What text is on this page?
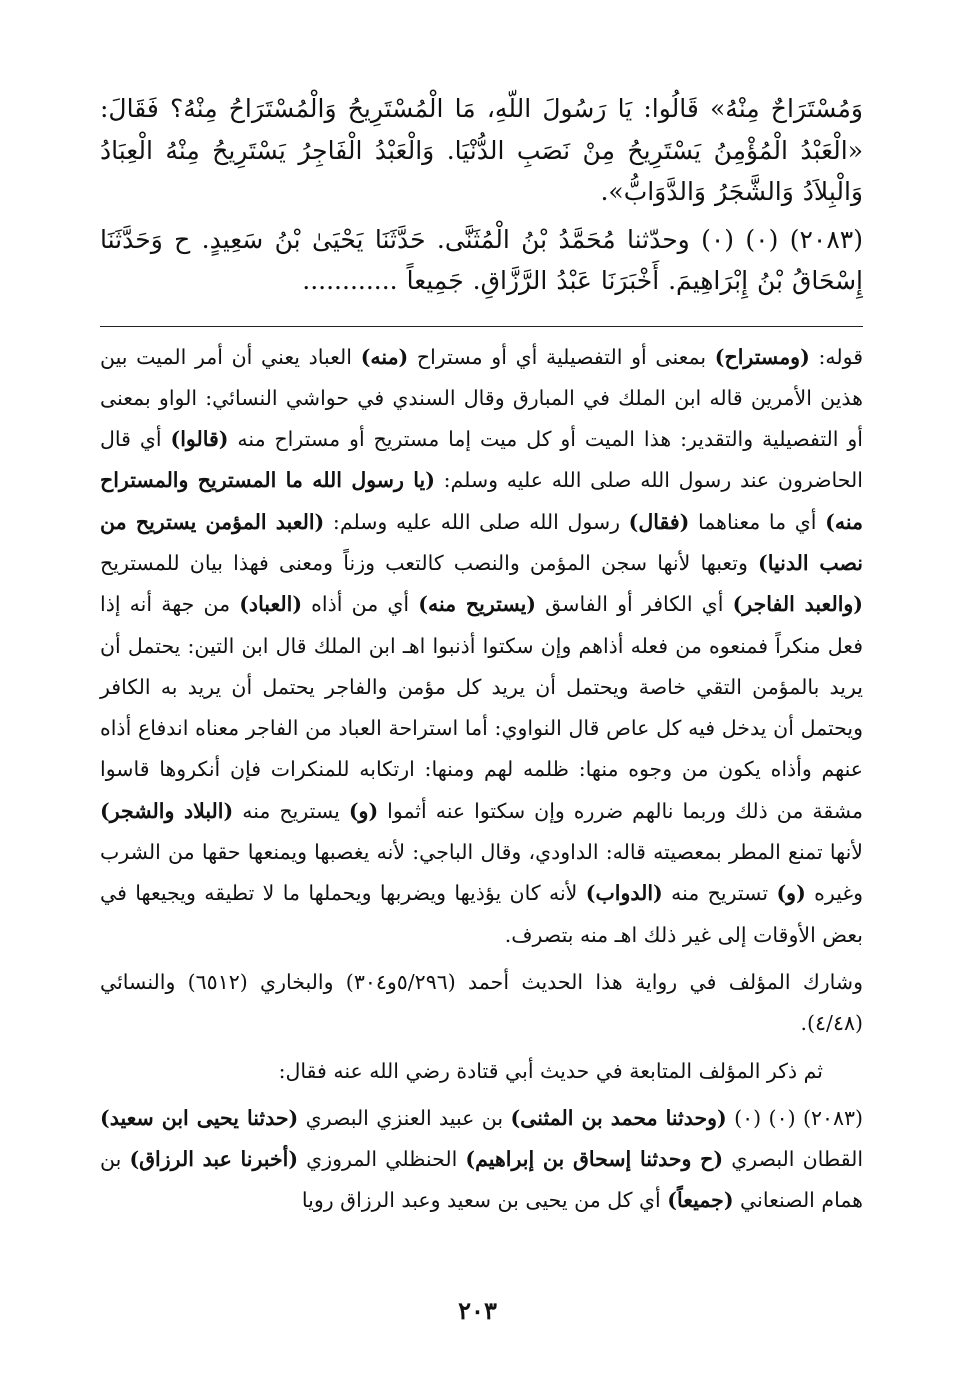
وَمُسْتَرَاحٌ مِنْهُ» قَالُوا: يَا رَسُولَ اللّهِ، مَا الْمُسْتَرِيحُ وَالْمُسْتَرَاحُ مِنْهُ؟ فَقَالَ: «الْعَبْدُ الْمُؤْمِنُ يَسْتَرِيحُ مِنْ نَصَبِ الدُّنْيَا. وَالْعَبْدُ الْفَاجِرُ يَسْتَرِيحُ مِنْهُ الْعِبَادُ وَالْبِلاَدُ وَالشَّجَرُ وَالدَّوَابُّ».

(٢٠٨٣) (٠) (٠) وحدّثنا مُحَمَّدُ بْنُ الْمُثَنَّى. حَدَّثَنَا يَحْيَىٰ بْنُ سَعِيدٍ. ح وَحَدَّثَنَا إِسْحَاقُ بْنُ إِبْرَاهِيمَ. أَخْبَرَنَا عَبْدُ الرَّزَّاقِ. جَمِيعاً ............

قوله: (ومستراح) بمعنى أو التفصيلية أي أو مستراح (منه) العباد يعني أن أمر الميت بين هذين الأمرين قاله ابن الملك في المبارق وقال السندي في حواشي النسائي: الواو بمعنى أو التفصيلية والتقدير: هذا الميت أو كل ميت إما مستريح أو مستراح منه (قالوا) أي قال الحاضرون عند رسول الله صلى الله عليه وسلم: (يا رسول الله ما المستريح والمستراح منه) أي ما معناهما (فقال) رسول الله صلى الله عليه وسلم: (العبد المؤمن يستريح من نصب الدنيا) وتعبها لأنها سجن المؤمن والنصب كالتعب وزناً ومعنى فهذا بيان للمستريح (والعبد الفاجر) أي الكافر أو الفاسق (يستريح منه) أي من أذاه (العباد) من جهة أنه إذا فعل منكراً فمنعوه من فعله أذاهم وإن سكتوا أذنبوا اهـ ابن الملك قال ابن التين: يحتمل أن يريد بالمؤمن التقي خاصة ويحتمل أن يريد كل مؤمن والفاجر يحتمل أن يريد به الكافر ويحتمل أن يدخل فيه كل عاص قال النواوي: أما استراحة العباد من الفاجر معناه اندفاع أذاه عنهم وأذاه يكون من وجوه منها: ظلمه لهم ومنها: ارتكابه للمنكرات فإن أنكروها قاسوا مشقة من ذلك وربما نالهم ضرره وإن سكتوا عنه أثموا (و) يستريح منه (البلاد والشجر) لأنها تمنع المطر بمعصيته قاله: الداودي، وقال الباجي: لأنه يغصبها ويمنعها حقها من الشرب وغيره (و) تستريح منه (الدواب) لأنه كان يؤذيها ويضربها ويحملها ما لا تطيقه ويجيعها في بعض الأوقات إلى غير ذلك اهـ منه بتصرف.

وشارك المؤلف في رواية هذا الحديث أحمد (٥/٢٩٦و٣٠٤) والبخاري (٦٥١٢) والنسائي (٤/٤٨).

ثم ذكر المؤلف المتابعة في حديث أبي قتادة رضي الله عنه فقال:

(٢٠٨٣) (٠) (٠) (وحدثنا محمد بن المثنى) بن عبيد العنزي البصري (حدثنا يحيى ابن سعيد) القطان البصري (ح وحدثنا إسحاق بن إبراهيم) الحنظلي المروزي (أخبرنا عبد الرزاق) بن همام الصنعاني (جميعاً) أي كل من يحيى بن سعيد وعبد الرزاق رويا

٢٠٣
